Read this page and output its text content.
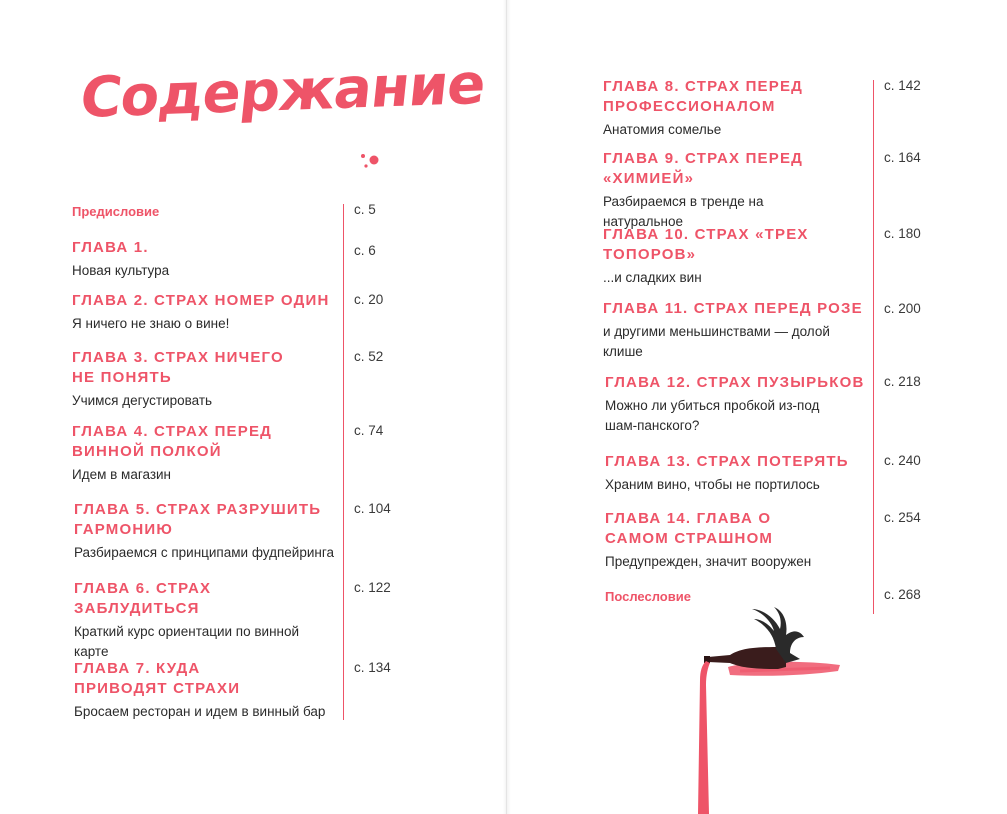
Содержание
Предисловие	с. 5
ГЛАВА 1.
Новая культура
с. 6
ГЛАВА 2. СТРАХ НОМЕР ОДИН
Я ничего не знаю о вине!
с. 20
ГЛАВА 3. СТРАХ НИЧЕГО НЕ ПОНЯТЬ
Учимся дегустировать
с. 52
ГЛАВА 4. СТРАХ ПЕРЕД ВИННОЙ ПОЛКОЙ
Идем в магазин
с. 74
ГЛАВА 5. СТРАХ РАЗРУШИТЬ ГАРМОНИЮ
Разбираемся с принципами фудпейринга
с. 104
ГЛАВА 6. СТРАХ ЗАБЛУДИТЬСЯ
Краткий курс ориентации по винной карте
с. 122
ГЛАВА 7. КУДА ПРИВОДЯТ СТРАХИ
Бросаем ресторан и идем в винный бар
с. 134
ГЛАВА 8. СТРАХ ПЕРЕД ПРОФЕССИОНАЛОМ
Анатомия сомелье
с. 142
ГЛАВА 9. СТРАХ ПЕРЕД «ХИМИЕЙ»
Разбираемся в тренде на натуральное
с. 164
ГЛАВА 10. СТРАХ «ТРЕХ ТОПОРОВ»
...и сладких вин
с. 180
ГЛАВА 11. СТРАХ ПЕРЕД РОЗЕ
и другими меньшинствами — долой клише
с. 200
ГЛАВА 12. СТРАХ ПУЗЫРЬКОВ
Можно ли убиться пробкой из-под шам-панского?
с. 218
ГЛАВА 13. СТРАХ ПОТЕРЯТЬ
Храним вино, чтобы не портилось
с. 240
ГЛАВА 14. ГЛАВА О САМОМ СТРАШНОМ
Предупрежден, значит вооружен
с. 254
Послесловие	с. 268
